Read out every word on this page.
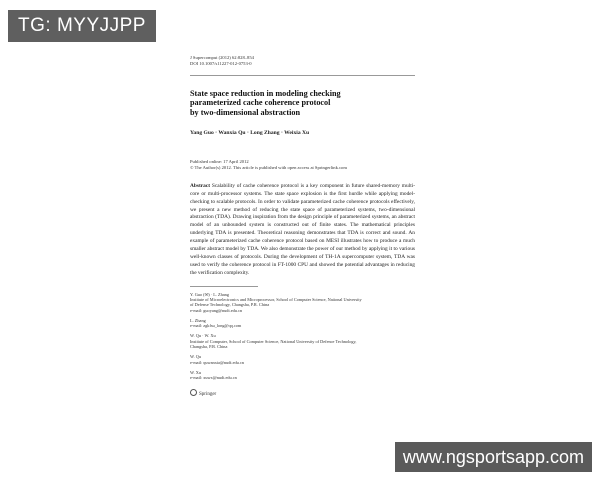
TG: MYYJJPP
J Supercomput (2012) 62:828–854
DOI 10.1007/s11227-012-0753-0
State space reduction in modeling checking
parameterized cache coherence protocol
by two-dimensional abstraction
Yang Guo · Wanxia Qu · Long Zhang · Weixia Xu
Published online: 17 April 2012
© The Author(s) 2012. This article is published with open access at Springerlink.com
Abstract Scalability of cache coherence protocol is a key component in future shared-memory multi-core or multi-processor systems. The state space explosion is the first hurdle while applying model-checking to scalable protocols. In order to validate parameterized cache coherence protocols effectively, we present a new method of reducing the state space of parameterized systems, two-dimensional abstraction (TDA). Drawing inspiration from the design principle of parameterized systems, an abstract model of an unbounded system is constructed out of finite states. The mathematical principles underlying TDA is presented. Theoretical reasoning demonstrates that TDA is correct and sound. An example of parameterized cache coherence protocol based on MESI illustrates how to produce a much smaller abstract model by TDA. We also demonstrate the power of our method by applying it to various well-known classes of protocols. During the development of TH-1A supercomputer system, TDA was used to verify the coherence protocol in FT-1000 CPU and showed the potential advantages in reducing the verification complexity.
Y. Guo (✉) · L. Zhang
Institute of Microelectronics and Microprocessor, School of Computer Science, National University
of Defense Technology, Changsha, P.R. China
e-mail: guoyang@nudt.edu.cn
L. Zhang
e-mail: zgkfsu_long@qq.com
W. Qu · W. Xu
Institute of Computer, School of Computer Science, National University of Defence Technology,
Changsha, P.R. China
W. Qu
e-mail: quwanxia@nudt.edu.cn
W. Xu
e-mail: xuwx@nudt.edu.cn
Springer
www.ngsportsapp.com
